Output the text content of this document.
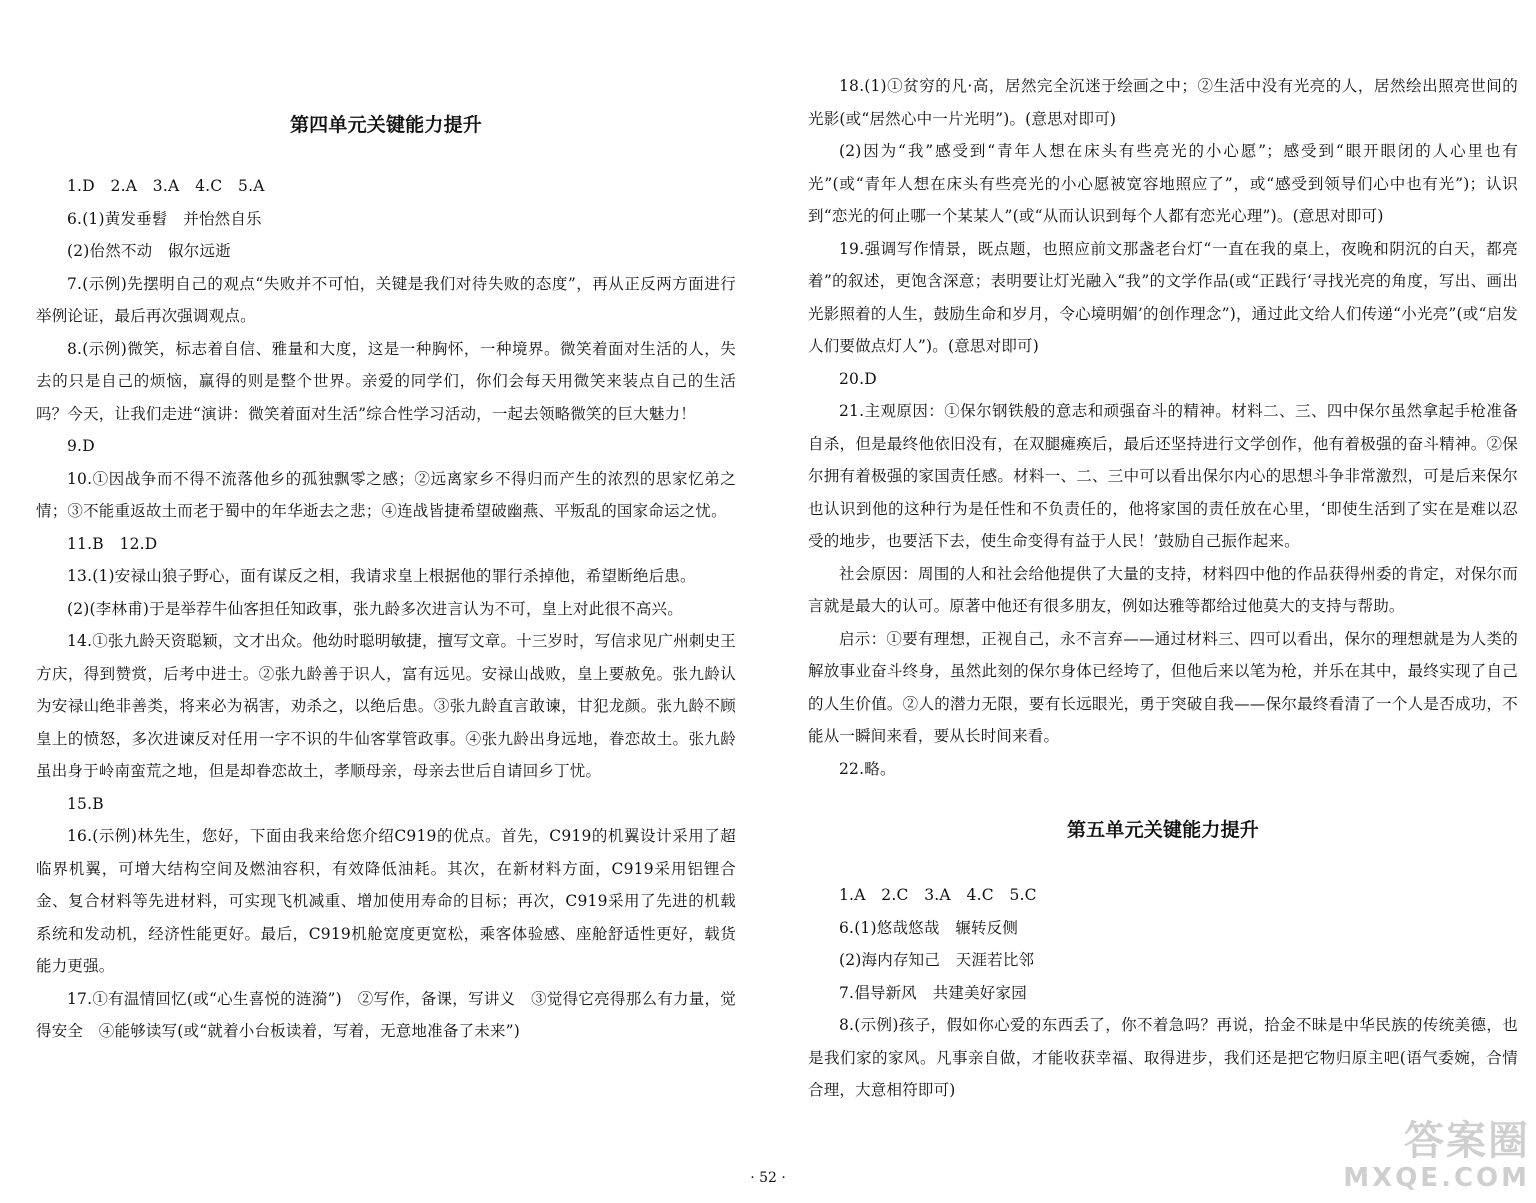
第四单元关键能力提升

1.D　2.A　3.A　4.C　5.A

6.(1)黄发垂髫　并怡然自乐

(2)佁然不动　俶尔远逝

7.(示例)先摆明自己的观点“失败并不可怕，关键是我们对待失败的态度”，再从正反两方面进行举例论证，最后再次强调观点。

8.(示例)微笑，标志着自信、雅量和大度，这是一种胸怀，一种境界。微笑着面对生活的人，失去的只是自己的烦恼，赢得的则是整个世界。亲爱的同学们，你们会每天用微笑来装点自己的生活吗？今天，让我们走进“演讲：微笑着面对生活”综合性学习活动，一起去领略微笑的巨大魅力！

9.D

10.①因战争而不得不流落他乡的孤独飘零之感；②远离家乡不得归而产生的浓烈的思家忆弟之情；③不能重返故土而老于蜀中的年华逝去之悲；④连战皆捷希望破幽燕、平叛乱的国家命运之忧。

11.B　12.D

13.(1)安禄山狼子野心，面有谋反之相，我请求皇上根据他的罪行杀掉他，希望断绝后患。

(2)(李林甫)于是举荐牛仙客担任知政事，张九龄多次进言认为不可，皇上对此很不高兴。

14.①张九龄天资聪颖，文才出众。他幼时聪明敏捷，擅写文章。十三岁时，写信求见广州刺史王方庆，得到赞赏，后考中进士。②张九龄善于识人，富有远见。安禄山战败，皇上要赦免。张九龄认为安禄山绝非善类，将来必为祸害，劝杀之，以绝后患。③张九龄直言敢谏，甘犯龙颜。张九龄不顾皇上的愤怒，多次进谏反对任用一字不识的牛仙客掌管政事。④张九龄出身远地，眷恋故土。张九龄虽出身于岭南蛮荒之地，但是却眷恋故土，孝顺母亲，母亲去世后自请回乡丁忧。

15.B

16.(示例)林先生，您好，下面由我来给您介绍C919的优点。首先，C919的机翼设计采用了超临界机翼，可增大结构空间及燃油容积，有效降低油耗。其次，在新材料方面，C919采用铝锂合金、复合材料等先进材料，可实现飞机减重、增加使用寿命的目标；再次，C919采用了先进的机载系统和发动机，经济性能更好。最后，C919机舱宽度更宽松，乘客体验感、座舱舒适性更好，载货能力更强。

17.①有温情回忆(或“心生喜悦的涟漪”)　②写作，备课，写讲义　③觉得它亮得那么有力量，觉得安全　④能够读写(或“就着小台板读着，写着，无意地准备了未来”)

18.(1)①贫穷的凡·高，居然完全沉迷于绘画之中；②生活中没有光亮的人，居然绘出照亮世间的光影(或“居然心中一片光明”)。(意思对即可)

(2)因为“我”感受到“青年人想在床头有些亮光的小心愿”；感受到“眼开眼闭的人心里也有光”(或“青年人想在床头有些亮光的小心愿被宽容地照应了”，或“感受到领导们心中也有光”)；认识到“恋光的何止哪一个某某人”(或“从而认识到每个人都有恋光心理”)。(意思对即可)

19.强调写作情景，既点题，也照应前文那盏老台灯“一直在我的桌上，夜晚和阴沉的白天，都亮着”的叙述，更饱含深意；表明要让灯光融入“我”的文学作品(或“正践行‘寻找光亮的角度，写出、画出光影照着的人生，鼓励生命和岁月，令心境明媚’的创作理念”)，通过此文给人们传递“小光亮”(或“启发人们要做点灯人”)。(意思对即可)

20.D

21.主观原因：①保尔钢铁般的意志和顽强奋斗的精神。材料二、三、四中保尔虽然拿起手枪准备自杀，但是最终他依旧没有，在双腿瘫痪后，最后还坚持进行文学创作，他有着极强的奋斗精神。②保尔拥有着极强的家国责任感。材料一、二、三中可以看出保尔内心的思想斗争非常激烈，可是后来保尔也认识到他的这种行为是任性和不负责任的，他将家国的责任放在心里，‘即使生活到了实在是难以忍受的地步，也要活下去，使生命变得有益于人民！’鼓励自己振作起来。

社会原因：周围的人和社会给他提供了大量的支持，材料四中他的作品获得州委的肯定，对保尔而言就是最大的认可。原著中他还有很多朋友，例如达雅等都给过他莫大的支持与帮助。

启示：①要有理想，正视自己，永不言弃——通过材料三、四可以看出，保尔的理想就是为人类的解放事业奋斗终身，虽然此刻的保尔身体已经垮了，但他后来以笔为枪，并乐在其中，最终实现了自己的人生价值。②人的潜力无限，要有长远眼光，勇于突破自我——保尔最终看清了一个人是否成功，不能从一瞬间来看，要从长时间来看。

22.略。

第五单元关键能力提升

1.A　2.C　3.A　4.C　5.C

6.(1)悠哉悠哉　辗转反侧

(2)海内存知己　天涯若比邻

7.倡导新风　共建美好家园

8.(示例)孩子，假如你心爱的东西丢了，你不着急吗？再说，拾金不昧是中华民族的传统美德，也是我们家的家风。凡事亲自做，才能收获幸福、取得进步，我们还是把它物归原主吧(语气委婉，合情合理，大意相符即可)

· 52 ·
答案圈
MXQE.COM
